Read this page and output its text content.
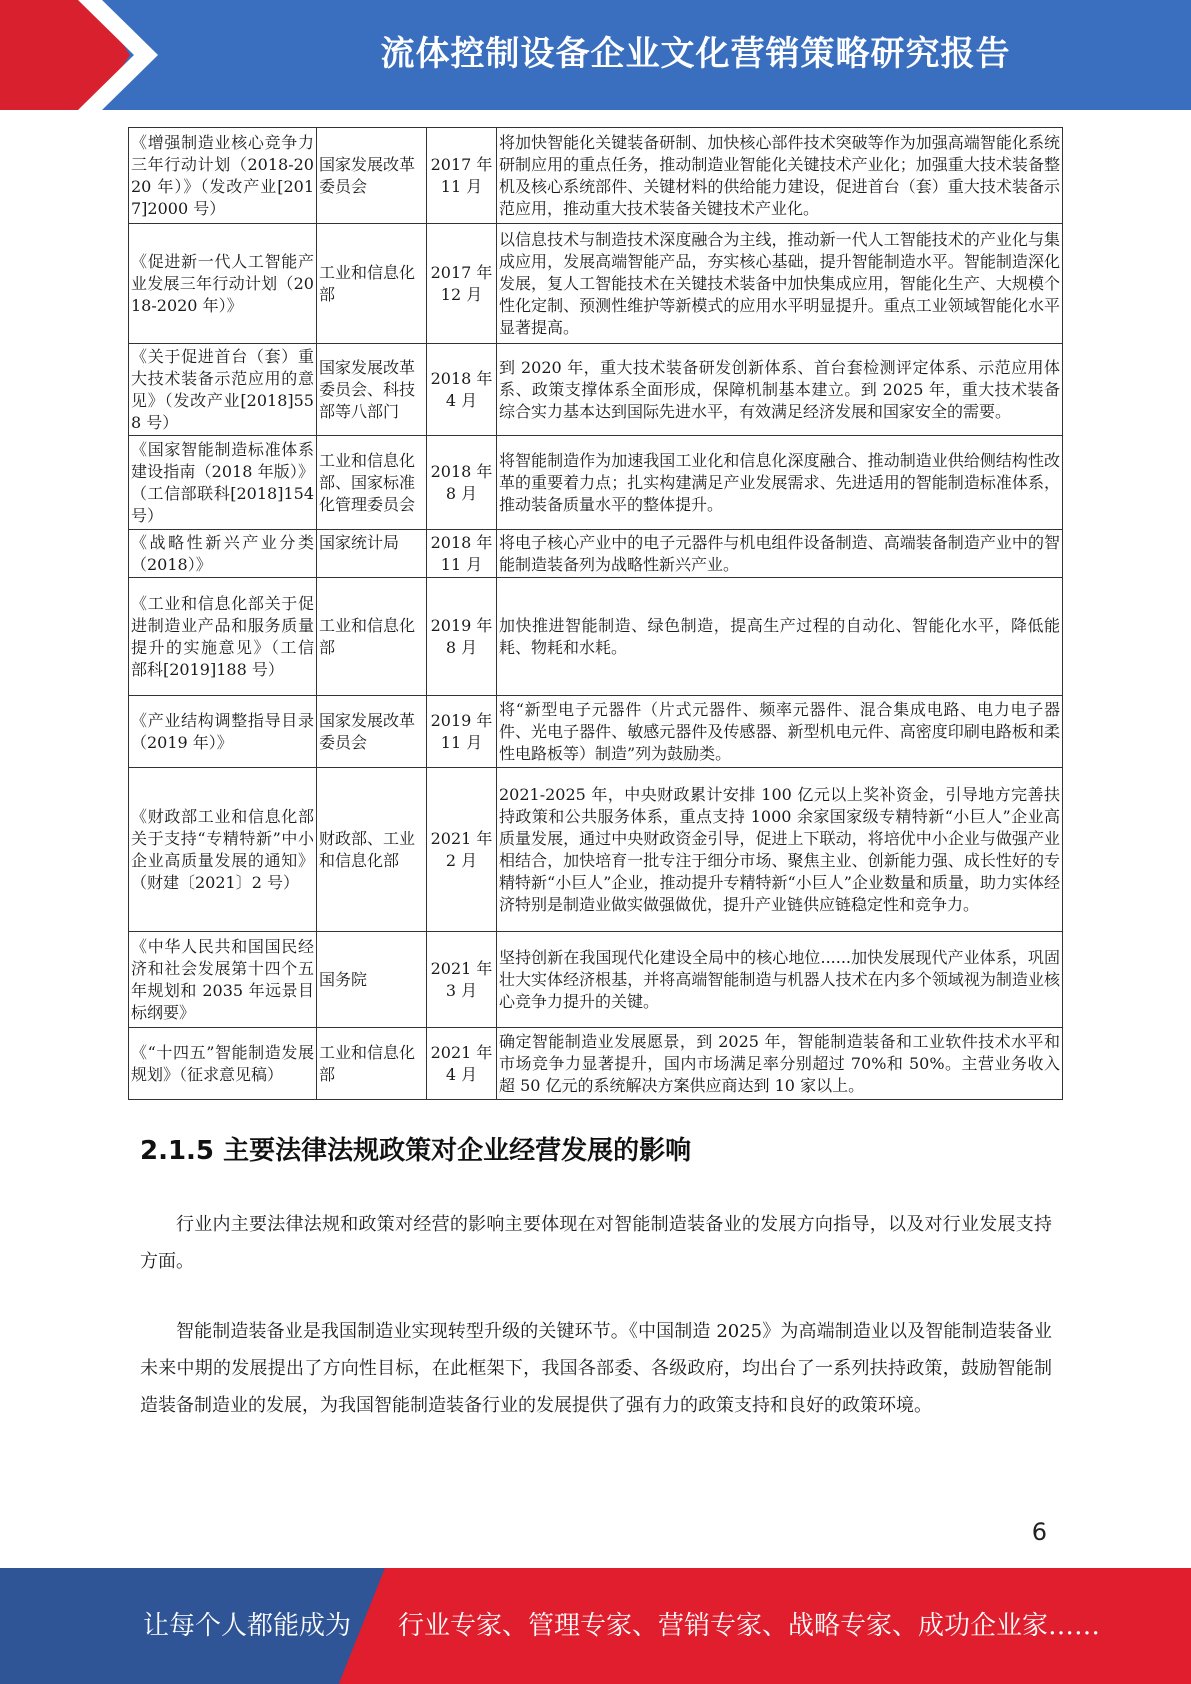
流体控制设备企业文化营销策略研究报告
《增强制造业核心竞争力三年行动计划（2018-2020 年）》（发改产业[2017]2000 号）	国家发展改革委员会	2017 年 11 月	将加快智能化关键装备研制、加快核心部件技术突破等作为加强高端智能化系统研制应用的重点任务，推动制造业智能化关键技术产业化；加强重大技术装备整机及核心系统部件、关键材料的供给能力建设，促进首台（套）重大技术装备示范应用，推动重大技术装备关键技术产业化。
《促进新一代人工智能产业发展三年行动计划（2018-2020 年）》	工业和信息化部	2017 年 12 月	以信息技术与制造技术深度融合为主线，推动新一代人工智能技术的产业化与集成应用，发展高端智能产品，夯实核心基础，提升智能制造水平。智能制造深化发展，复人工智能技术在关键技术装备中加快集成应用，智能化生产、大规模个性化定制、预测性维护等新模式的应用水平明显提升。重点工业领域智能化水平显著提高。
《关于促进首台（套）重大技术装备示范应用的意见》（发改产业[2018]558 号）	国家发展改革委员会、科技部等八部门	2018 年 4 月	到 2020 年，重大技术装备研发创新体系、首台套检测评定体系、示范应用体系、政策支撑体系全面形成，保障机制基本建立。到 2025 年，重大技术装备综合实力基本达到国际先进水平，有效满足经济发展和国家安全的需要。
《国家智能制造标准体系建设指南（2018 年版）》（工信部联科[2018]154 号）	工业和信息化部、国家标准化管理委员会	2018 年 8 月	将智能制造作为加速我国工业化和信息化深度融合、推动制造业供给侧结构性改革的重要着力点；扎实构建满足产业发展需求、先进适用的智能制造标准体系，推动装备质量水平的整体提升。

《战略性新兴产业分类（2018）》	国家统计局	2018 年 11 月	将电子核心产业中的电子元器件与机电组件设备制造、高端装备制造产业中的智能制造装备列为战略性新兴产业。

《工业和信息化部关于促进制造业产品和服务质量提升的实施意见》（工信部科[2019]188 号）	工业和信息化部	2019 年 8 月	加快推进智能制造、绿色制造，提高生产过程的自动化、智能化水平，降低能耗、物耗和水耗。
《产业结构调整指导目录（2019 年）》	国家发展改革委员会	2019 年 11 月	将“新型电子元器件（片式元器件、频率元器件、混合集成电路、电力电子器件、光电子器件、敏感元器件及传感器、新型机电元件、高密度印刷电路板和柔性电路板等）制造”列为鼓励类。
《财政部工业和信息化部关于支持“专精特新”中小企业高质量发展的通知》（财建〔2021〕2 号）	财政部、工业和信息化部	2021 年 2 月	2021-2025 年，中央财政累计安排 100 亿元以上奖补资金，引导地方完善扶持政策和公共服务体系，重点支持 1000 余家国家级专精特新“小巨人”企业高质量发展，通过中央财政资金引导，促进上下联动，将培优中小企业与做强产业相结合，加快培育一批专注于细分市场、聚焦主业、创新能力强、成长性好的专精特新“小巨人”企业，推动提升专精特新“小巨人”企业数量和质量，助力实体经济特别是制造业做实做强做优，提升产业链供应链稳定性和竞争力。
《中华人民共和国国民经济和社会发展第十四个五年规划和 2035 年远景目标纲要》	国务院	2021 年 3 月	坚持创新在我国现代化建设全局中的核心地位......加快发展现代产业体系，巩固壮大实体经济根基，并将高端智能制造与机器人技术在内多个领域视为制造业核心竞争力提升的关键。
《“十四五”智能制造发展规划》（征求意见稿）	工业和信息化部	2021 年 4 月	确定智能制造业发展愿景，到 2025 年，智能制造装备和工业软件技术水平和市场竞争力显著提升，国内市场满足率分别超过 70%和 50%。主营业务收入超 50 亿元的系统解决方案供应商达到 10 家以上。
2.1.5 主要法律法规政策对企业经营发展的影响

行业内主要法律法规和政策对经营的影响主要体现在对智能制造装备业的发展方向指导，以及对行业发展支持方面。

智能制造装备业是我国制造业实现转型升级的关键环节。《中国制造 2025》为高端制造业以及智能制造装备业未来中期的发展提出了方向性目标，在此框架下，我国各部委、各级政府，均出台了一系列扶持政策，鼓励智能制造装备制造业的发展，为我国智能制造装备行业的发展提供了强有力的政策支持和良好的政策环境。

6
让每个人都能成为 行业专家、管理专家、营销专家、战略专家、成功企业家……
